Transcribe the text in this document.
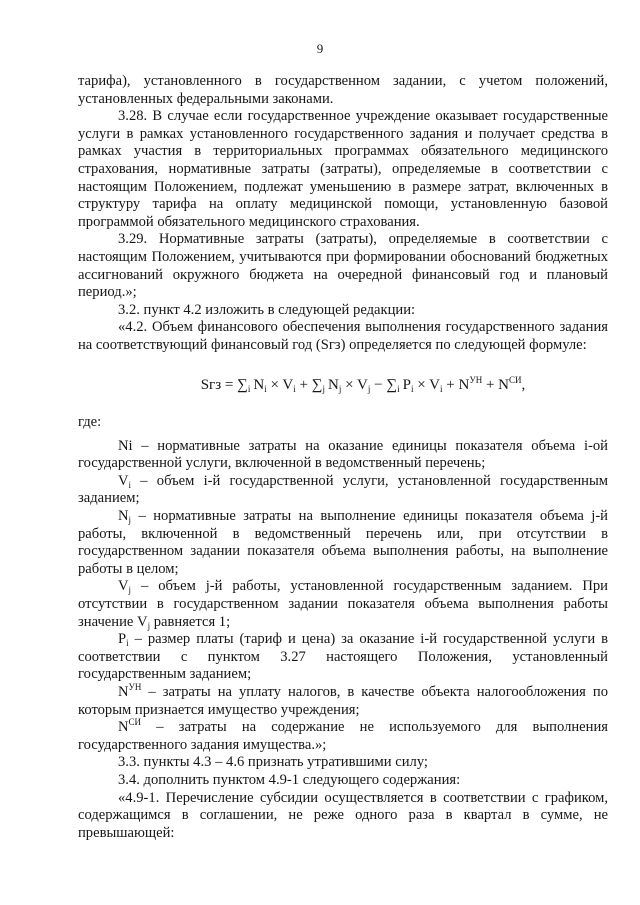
9

тарифа), установленного в государственном задании, с учетом положений, установленных федеральными законами.

3.28. В случае если государственное учреждение оказывает государственные услуги в рамках установленного государственного задания и получает средства в рамках участия в территориальных программах обязательного медицинского страхования, нормативные затраты (затраты), определяемые в соответствии с настоящим Положением, подлежат уменьшению в размере затрат, включенных в структуру тарифа на оплату медицинской помощи, установленную базовой программой обязательного медицинского страхования.

3.29. Нормативные затраты (затраты), определяемые в соответствии с настоящим Положением, учитываются при формировании обоснований бюджетных ассигнований окружного бюджета на очередной финансовый год и плановый период.»;

3.2. пункт 4.2 изложить в следующей редакции:

«4.2. Объем финансового обеспечения выполнения государственного задания на соответствующий финансовый год (Sгз) определяется по следующей формуле:

Sгз = $\sum_i$  $N_i \times V_i + \sum_j$  $N_j \times V_j - \sum_i$  $P_i \times V_i + N^{УН} + N^{СИ}$,

где:

Ni – нормативные затраты на оказание единицы показателя объема i-ой государственной услуги, включенной в ведомственный перечень;

$V_i$ – объем i-й государственной услуги, установленной государственным заданием;

$N_j$ – нормативные затраты на выполнение единицы показателя объема j-й работы, включенной в ведомственный перечень или, при отсутствии в государственном задании показателя объема выполнения работы, на выполнение работы в целом;

$V_j$ – объем j-й работы, установленной государственным заданием. При отсутствии в государственном задании показателя объема выполнения работы значение $V_j$ равняется 1;

$P_i$ – размер платы (тариф и цена) за оказание i-й государственной услуги в соответствии с пунктом 3.27 настоящего Положения, установленный государственным заданием;

$N^{УН}$ – затраты на уплату налогов, в качестве объекта налогообложения по которым признается имущество учреждения;

$N^{СИ}$ – затраты на содержание не используемого для выполнения государственного задания имущества.»;

3.3. пункты 4.3 – 4.6 признать утратившими силу;

3.4. дополнить пунктом 4.9-1 следующего содержания:

«4.9-1. Перечисление субсидии осуществляется в соответствии с графиком, содержащимся в соглашении, не реже одного раза в квартал в сумме, не превышающей:
